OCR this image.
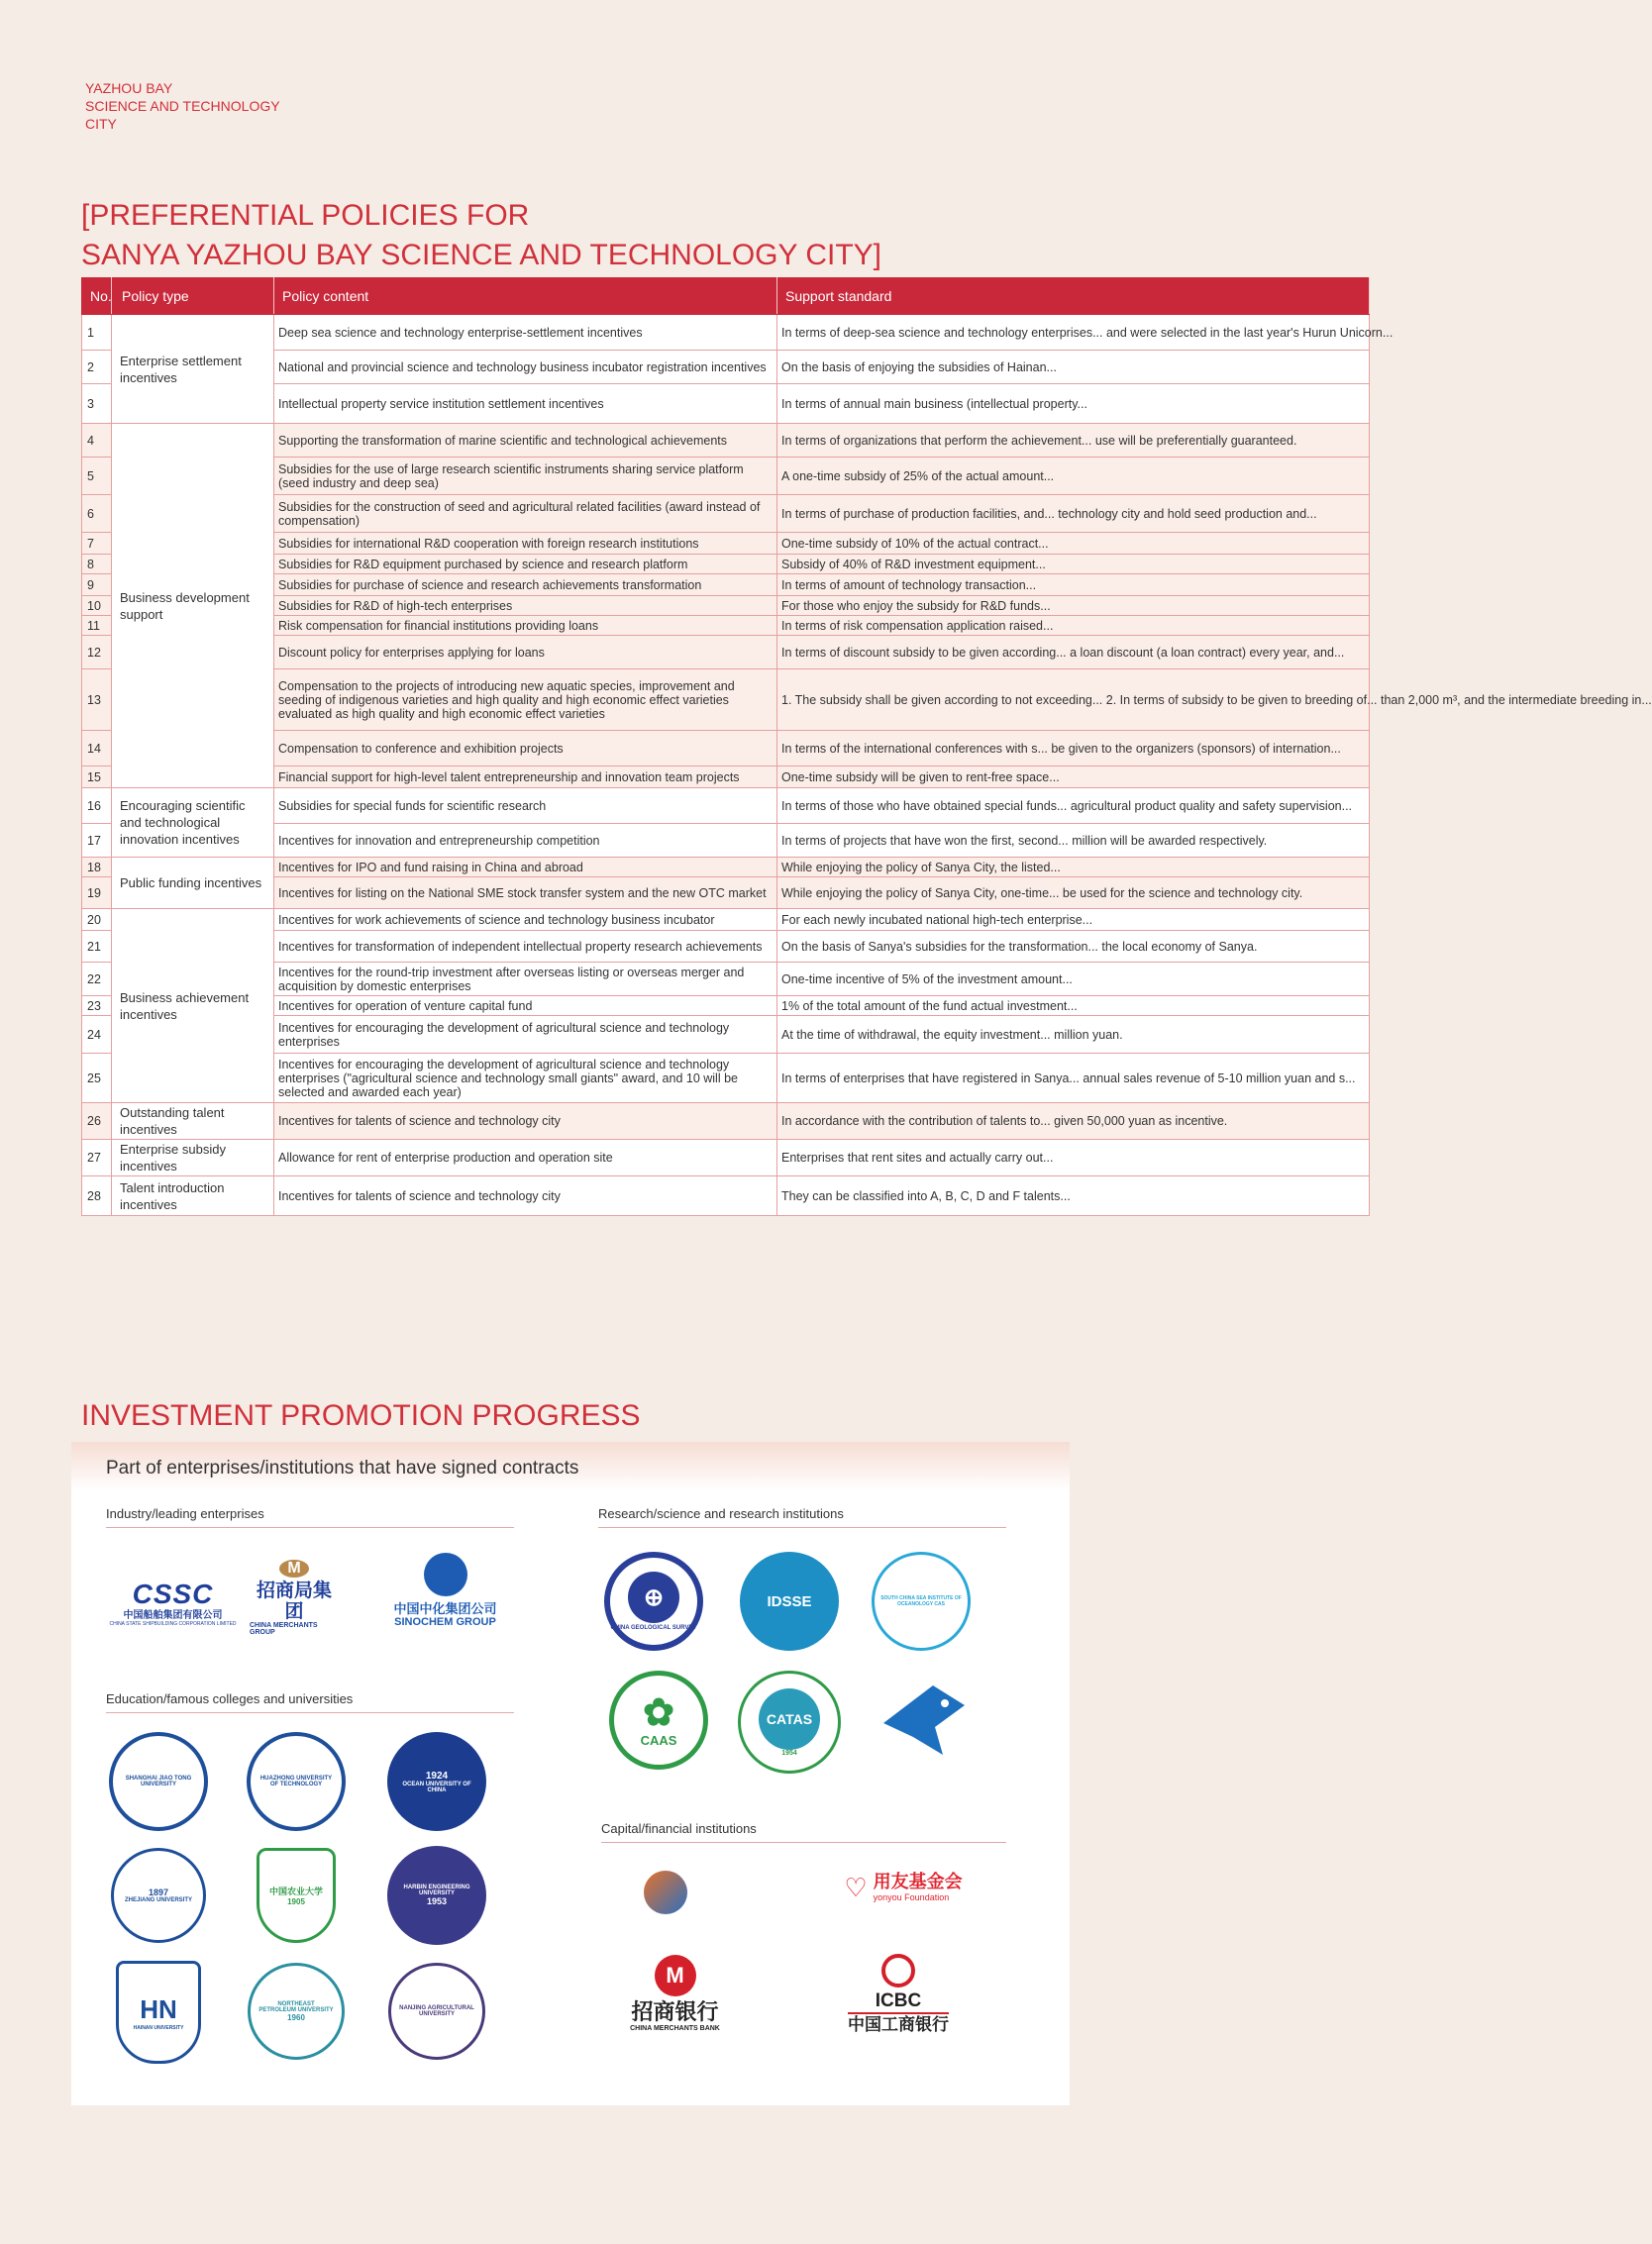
YAZHOU BAY
SCIENCE AND TECHNOLOGY
CITY
[PREFERENTIAL POLICIES FOR
SANYA YAZHOU BAY SCIENCE AND TECHNOLOGY CITY]
No.	Policy type	Policy content	Support standard
1	Enterprise settlement incentives	Deep sea science and technology enterprise-settlement incentives	In terms of deep-sea science and technology enterprises... and were selected in the last year's Hurun Unicorn...
2		National and provincial science and technology business incubator registration incentives	On the basis of enjoying the subsidies of Hainan...
3		Intellectual property service institution settlement incentives	In terms of annual main business (intellectual property...
4	Business development support	Supporting the transformation of marine scientific and technological achievements	In terms of organizations that perform the achievement... use will be preferentially guaranteed.
5		Subsidies for the use of large research scientific instruments sharing service platform (seed industry and deep sea)	A one-time subsidy of 25% of the actual amount...
6		Subsidies for the construction of seed and agricultural related facilities (award instead of compensation)	In terms of purchase of production facilities, and... technology city and hold seed production and...
7		Subsidies for international R&D cooperation with foreign research institutions	One-time subsidy of 10% of the actual contract...
8		Subsidies for R&D equipment purchased by science and research platform	Subsidy of 40% of R&D investment equipment...
9		Subsidies for purchase of science and research achievements transformation	In terms of amount of technology transaction...
10		Subsidies for R&D of high-tech enterprises	For those who enjoy the subsidy for R&D funds...
11		Risk compensation for financial institutions providing loans	In terms of risk compensation application raised...
12		Discount policy for enterprises applying for loans	In terms of discount subsidy to be given according... a loan discount (a loan contract) every year, and...
13		Compensation to the projects of introducing new aquatic species, improvement and seeding of indigenous varieties and high quality and high economic effect varieties evaluated as high quality and high economic effect varieties	1. The subsidy shall be given according to not exceeding... 2. In terms of subsidy to be given to breeding of... than 2,000 m³, and the intermediate breeding in...
14		Compensation to conference and exhibition projects	In terms of the international conferences with s... be given to the organizers (sponsors) of internation...
15		Financial support for high-level talent entrepreneurship and innovation team projects	One-time subsidy will be given to rent-free space...
16	Encouraging scientific and technological innovation incentives	Subsidies for special funds for scientific research	In terms of those who have obtained special funds... agricultural product quality and safety supervision...
17		Incentives for innovation and entrepreneurship competition	In terms of projects that have won the first, second... million will be awarded respectively.
18	Public funding incentives	Incentives for IPO and fund raising in China and abroad	While enjoying the policy of Sanya City, the listed...
19		Incentives for listing on the National SME stock transfer system and the new OTC market	While enjoying the policy of Sanya City, one-time... be used for the science and technology city.
20	Business achievement incentives	Incentives for work achievements of science and technology business incubator	For each newly incubated national high-tech enterprise...
21		Incentives for transformation of independent intellectual property research achievements	On the basis of Sanya's subsidies for the transformation... the local economy of Sanya.
22		Incentives for the round-trip investment after overseas listing or overseas merger and acquisition by domestic enterprises	One-time incentive of 5% of the investment amount...
23		Incentives for operation of venture capital fund	1% of the total amount of the fund actual investment...
24		Incentives for encouraging the development of agricultural science and technology enterprises	At the time of withdrawal, the equity investment... million yuan.
25		Incentives for encouraging the development of agricultural science and technology enterprises ("agricultural science and technology small giants" award, and 10 will be selected and awarded each year)	In terms of enterprises that have registered in Sanya... annual sales revenue of 5-10 million yuan and s...
26	Outstanding talent incentives	Incentives for talents of science and technology city	In accordance with the contribution of talents to... given 50,000 yuan as incentive.
27	Enterprise subsidy incentives	Allowance for rent of enterprise production and operation site	Enterprises that rent sites and actually carry out...
28	Talent introduction incentives	Incentives for talents of science and technology city	They can be classified into A, B, C, D and F talents...
INVESTMENT PROMOTION PROGRESS
Part of enterprises/institutions that have signed contracts
Industry/leading enterprises	Research/science and research institutions
Education/famous colleges and universities
Capital/financial institutions
CSSC
中国船舶集团有限公司
CHINA STATE SHIPBUILDING CORPORATION LIMITED
M
招商局集团
CHINA MERCHANTS GROUP
中国中化集团公司
SINOCHEM GROUP
⊕
CHINA GEOLOGICAL SURVEY
IDSSE	SOUTH CHINA SEA INSTITUTE OF OCEANOLOGY CAS
✿
CAAS
CATAS
1954
SHANGHAI JIAO TONG UNIVERSITY
HUAZHONG UNIVERSITY OF TECHNOLOGY
1924
OCEAN UNIVERSITY OF CHINA
1897
ZHEJIANG UNIVERSITY
中国农业大学
1905
HARBIN ENGINEERING UNIVERSITY
1953
HN
HAINAN UNIVERSITY
NORTHEAST PETROLEUM UNIVERSITY
1960
NANJING AGRICULTURAL UNIVERSITY
♡ 用友基金会
yonyou Foundation
M
招商银行
CHINA MERCHANTS BANK
ICBC
中国工商银行
